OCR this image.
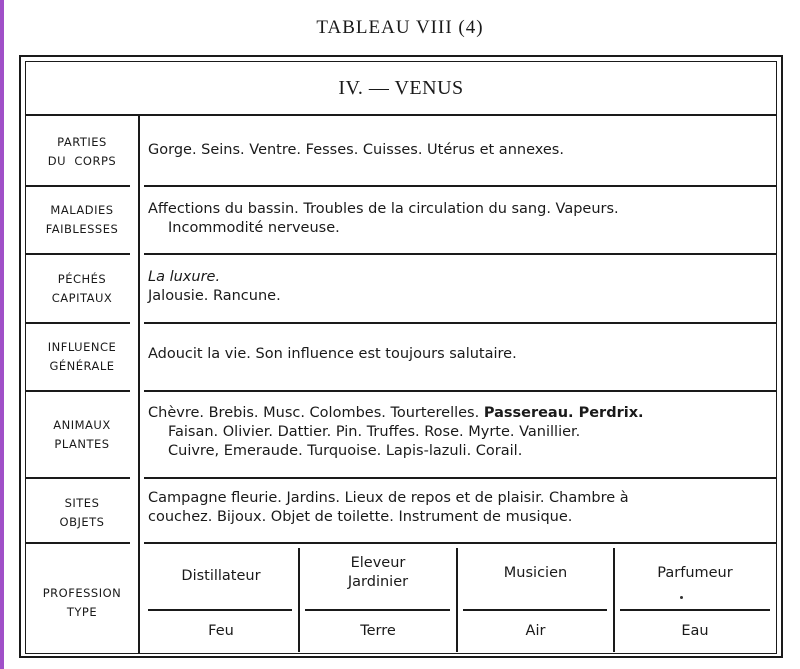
TABLEAU VIII (4)
IV. — VENUS
PARTIES
DU  CORPS
Gorge. Seins. Ventre. Fesses. Cuisses. Utérus et annexes.
MALADIES
FAIBLESSES
Affections du bassin. Troubles de la circulation du sang. Vapeurs.
Incommodité nerveuse.
PÉCHÉS
CAPITAUX
La luxure.
Jalousie. Rancune.
INFLUENCE
GÉNÉRALE
Adoucit la vie. Son influence est toujours salutaire.
ANIMAUX
PLANTES
Chèvre. Brebis. Musc. Colombes. Tourterelles. Passereau. Perdrix.
Faisan. Olivier. Dattier. Pin. Truffes. Rose. Myrte. Vanillier.
Cuivre, Emeraude. Turquoise. Lapis-lazuli. Corail.
SITES
OBJETS
Campagne fleurie. Jardins. Lieux de repos et de plaisir. Chambre à
couchez. Bijoux. Objet de toilette. Instrument de musique.
PROFESSION
TYPE
Distillateur
Feu
Eleveur
Jardinier
Terre
Musicien
Air
Parfumeur
Eau
